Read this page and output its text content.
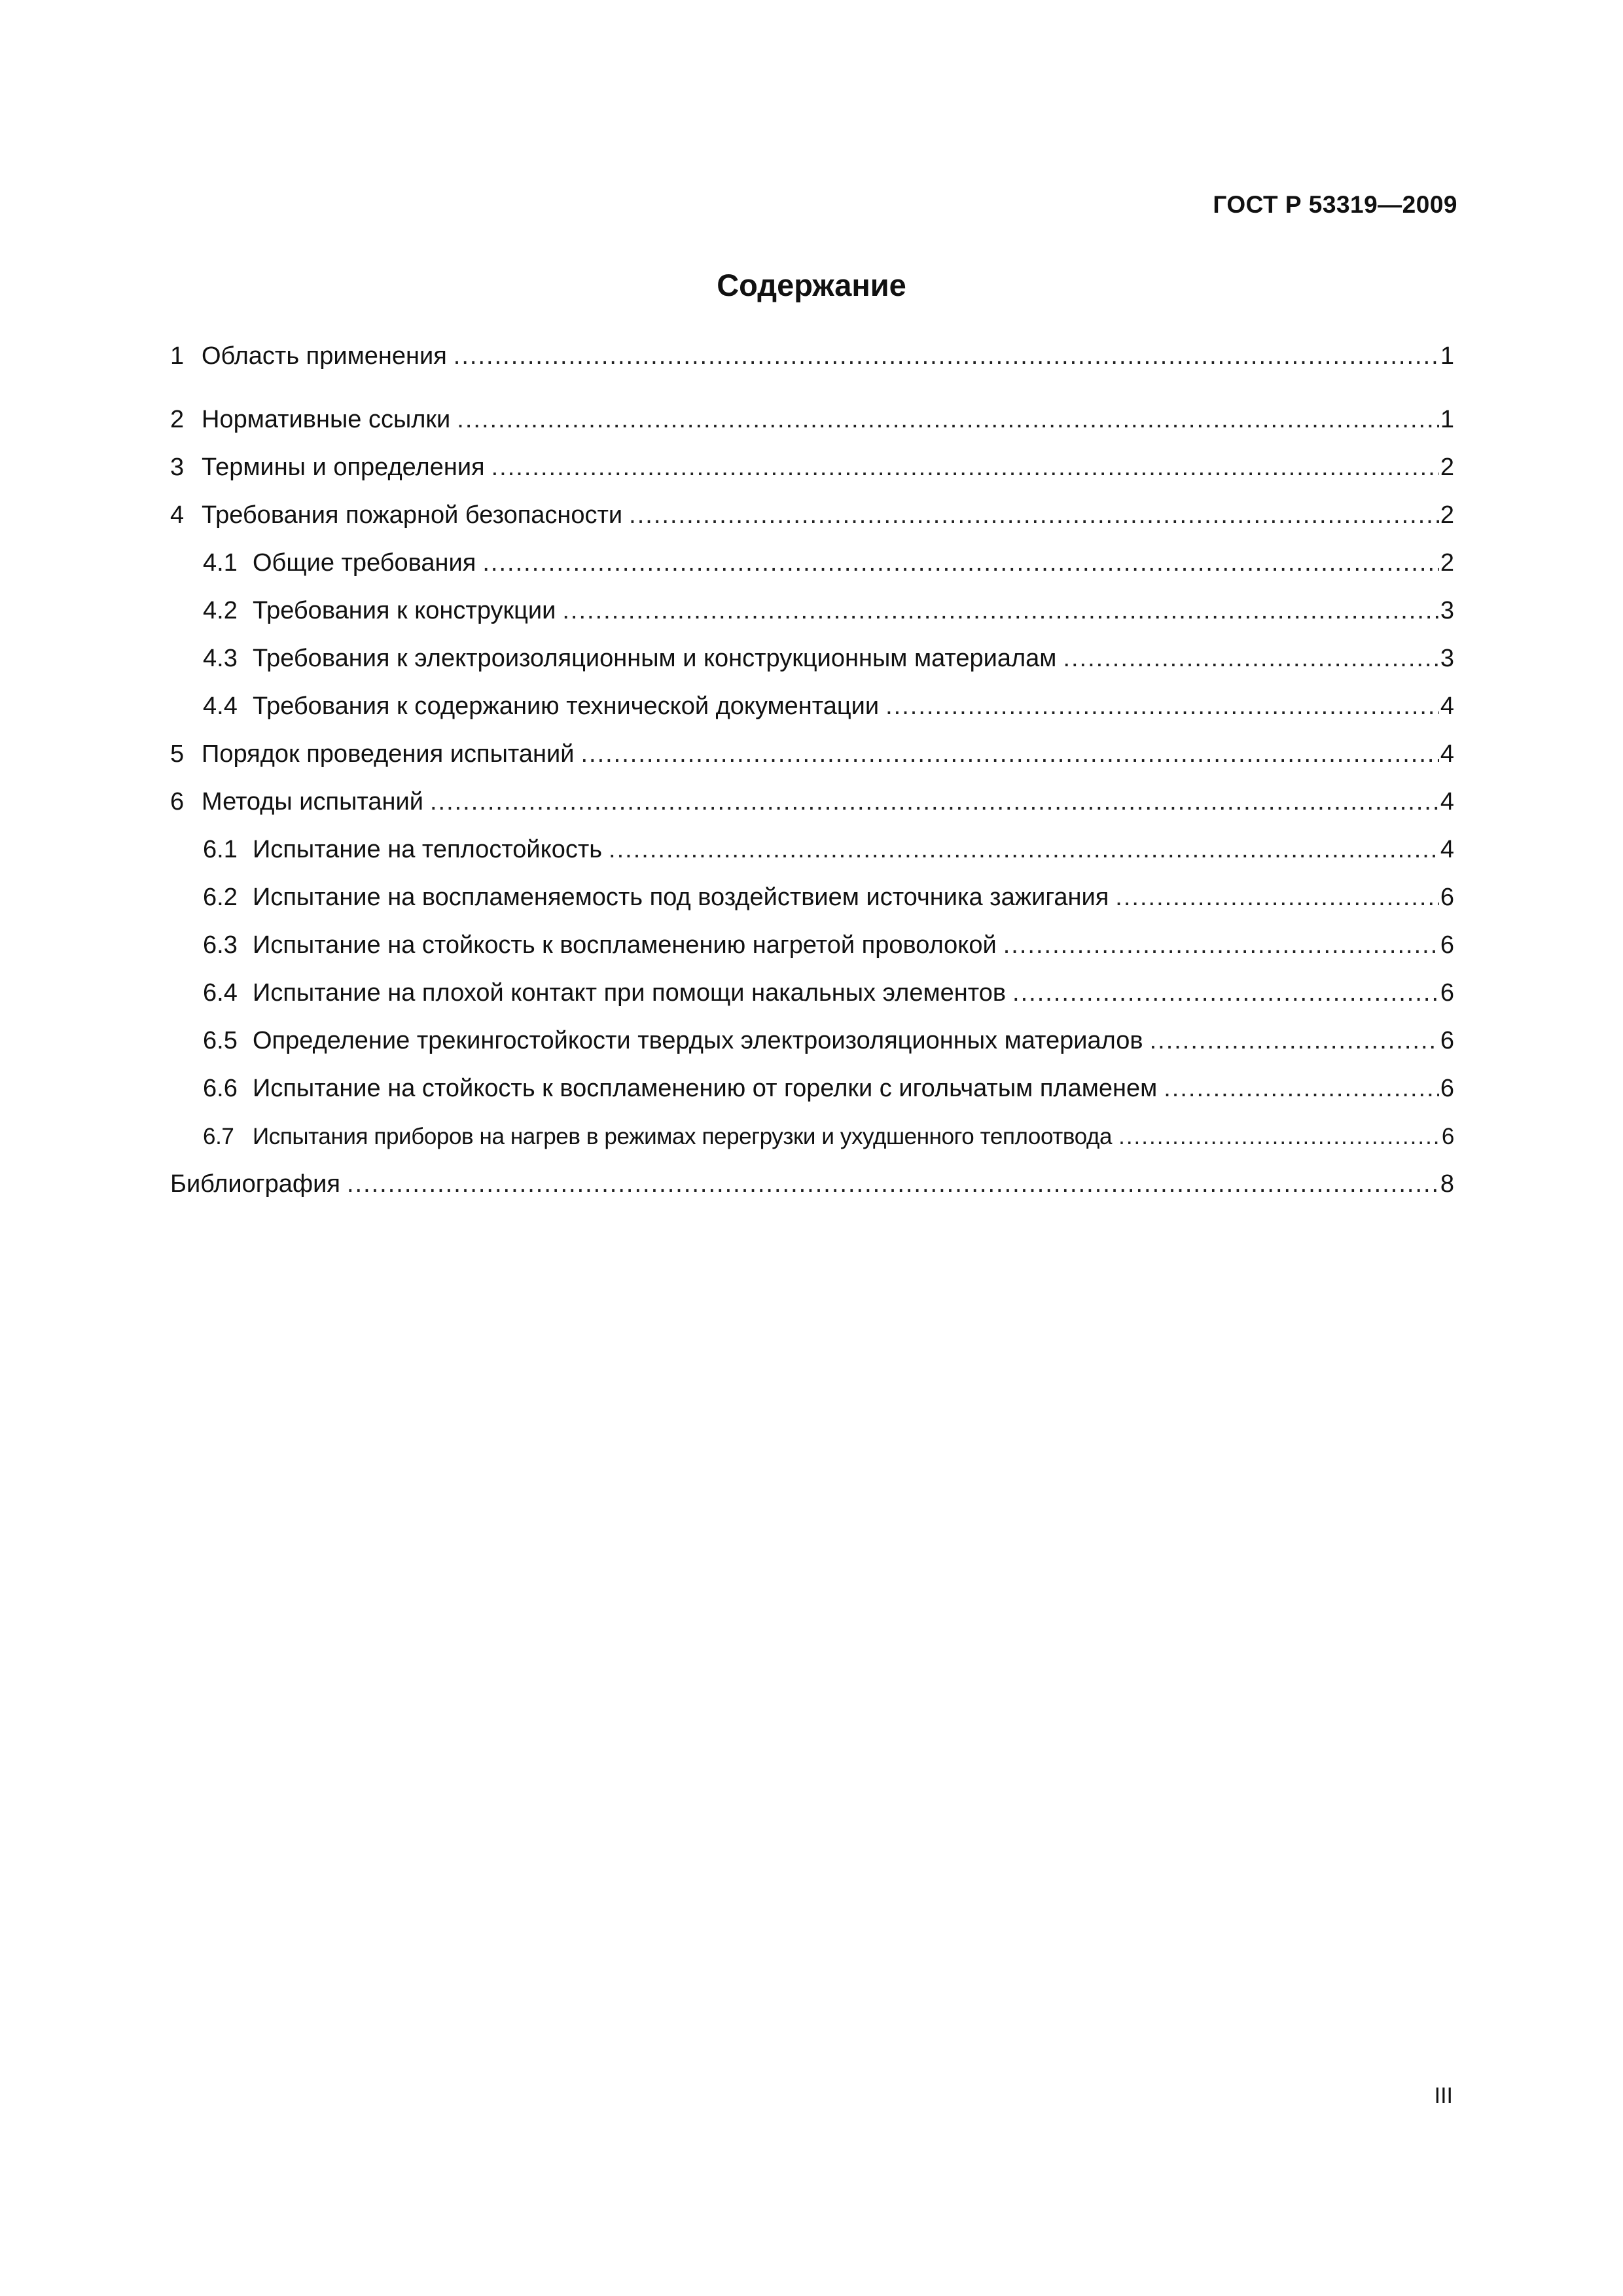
ГОСТ Р 53319—2009
Содержание
1 Область применения .....	1
2 Нормативные ссылки .....	1
3 Термины и определения .....	2
4 Требования пожарной безопасности .....	2
4.1 Общие требования .....	2
4.2 Требования к конструкции .....	3
4.3 Требования к электроизоляционным и конструкционным материалам .....	3
4.4 Требования к содержанию технической документации .....	4
5 Порядок проведения испытаний .....	4
6 Методы испытаний .....	4
6.1 Испытание на теплостойкость .....	4
6.2 Испытание на воспламеняемость под воздействием источника зажигания .....	6
6.3 Испытание на стойкость к воспламенению нагретой проволокой .....	6
6.4 Испытание на плохой контакт при помощи накальных элементов .....	6
6.5 Определение трекингостойкости твердых электроизоляционных материалов .....	6
6.6 Испытание на стойкость к воспламенению от горелки с игольчатым пламенем .....	6
6.7 Испытания приборов на нагрев в режимах перегрузки и ухудшенного теплоотвода .....	6
Библиография .....	8
III
